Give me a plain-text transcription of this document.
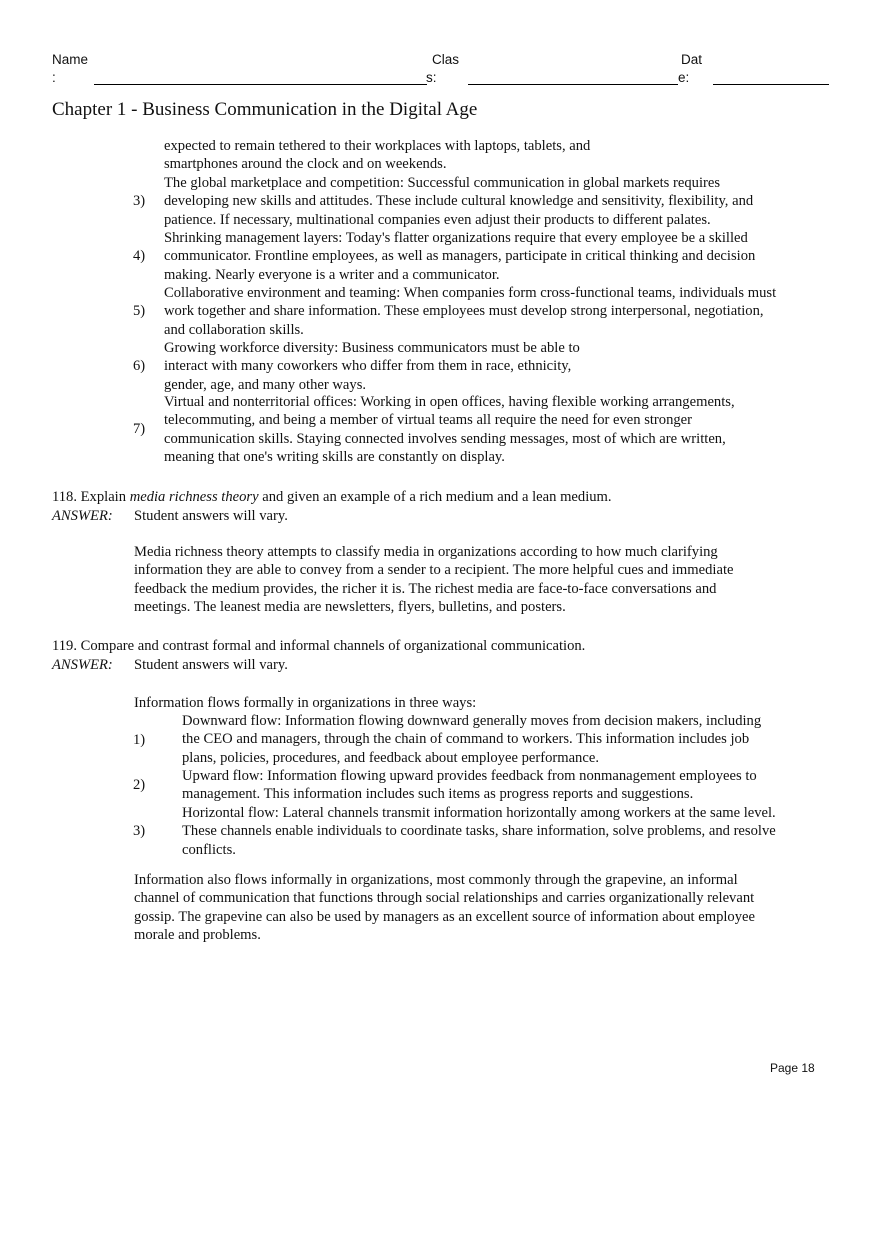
Name
:
Clas
s:
Dat
e:
Chapter 1 - Business Communication in the Digital Age
expected to remain tethered to their workplaces with laptops, tablets, and
smartphones around the clock and on weekends.
3)
The global marketplace and competition: Successful communication in global markets requires
developing new skills and attitudes. These include cultural knowledge and sensitivity, flexibility, and
patience. If necessary, multinational companies even adjust their products to different palates.
4)
Shrinking management layers: Today's flatter organizations require that every employee be a skilled
communicator. Frontline employees, as well as managers, participate in critical thinking and decision
making. Nearly everyone is a writer and a communicator.
5)
Collaborative environment and teaming: When companies form cross-functional teams, individuals must
work together and share information. These employees must develop strong interpersonal, negotiation,
and collaboration skills.
6)
Growing workforce diversity: Business communicators must be able to
interact with many coworkers who differ from them in race, ethnicity,
gender, age, and many other ways.
7)
Virtual and nonterritorial offices: Working in open offices, having flexible working arrangements,
telecommuting, and being a member of virtual teams all require the need for even stronger
communication skills. Staying connected involves sending messages, most of which are written,
meaning that one's writing skills are constantly on display.
118. Explain media richness theory and given an example of a rich medium and a lean medium.
ANSWER: Student answers will vary.
Media richness theory attempts to classify media in organizations according to how much clarifying
information they are able to convey from a sender to a recipient. The more helpful cues and immediate
feedback the medium provides, the richer it is. The richest media are face-to-face conversations and
meetings. The leanest media are newsletters, flyers, bulletins, and posters.
119. Compare and contrast formal and informal channels of organizational communication.
ANSWER: Student answers will vary.
Information flows formally in organizations in three ways:
1)
Downward flow: Information flowing downward generally moves from decision makers, including
the CEO and managers, through the chain of command to workers. This information includes job
plans, policies, procedures, and feedback about employee performance.
2)
Upward flow: Information flowing upward provides feedback from nonmanagement employees to
management. This information includes such items as progress reports and suggestions.
3)
Horizontal flow: Lateral channels transmit information horizontally among workers at the same level.
These channels enable individuals to coordinate tasks, share information, solve problems, and resolve
conflicts.
Information also flows informally in organizations, most commonly through the grapevine, an informal
channel of communication that functions through social relationships and carries organizationally relevant
gossip. The grapevine can also be used by managers as an excellent source of information about employee
morale and problems.
Page 18
